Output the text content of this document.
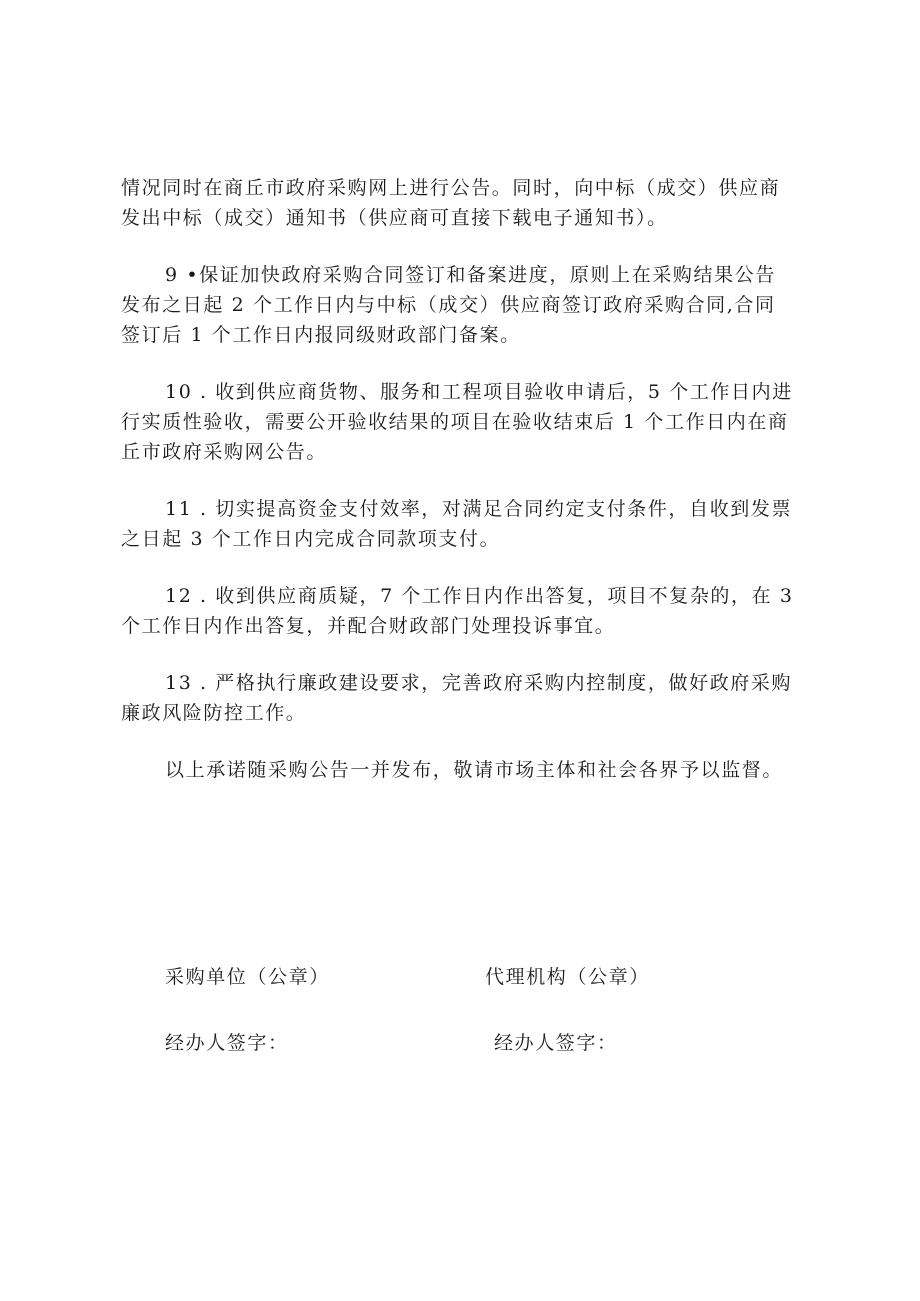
情况同时在商丘市政府采购网上进行公告。同时，向中标（成交）供应商
发出中标（成交）通知书（供应商可直接下载电子通知书）。
9 •保证加快政府采购合同签订和备案进度，原则上在采购结果公告
发布之日起 2 个工作日内与中标（成交）供应商签订政府采购合同,合同
签订后 1 个工作日内报同级财政部门备案。
10 . 收到供应商货物、服务和工程项目验收申请后，5 个工作日内进
行实质性验收，需要公开验收结果的项目在验收结束后 1 个工作日内在商
丘市政府采购网公告。
11 . 切实提高资金支付效率，对满足合同约定支付条件，自收到发票
之日起 3 个工作日内完成合同款项支付。
12 . 收到供应商质疑，7 个工作日内作出答复，项目不复杂的，在 3
个工作日内作出答复，并配合财政部门处理投诉事宜。
13 . 严格执行廉政建设要求，完善政府采购内控制度，做好政府采购
廉政风险防控工作。
以上承诺随采购公告一并发布，敬请市场主体和社会各界予以监督。
采购单位（公章）	代理机构（公章）
经办人签字：	经办人签字：
